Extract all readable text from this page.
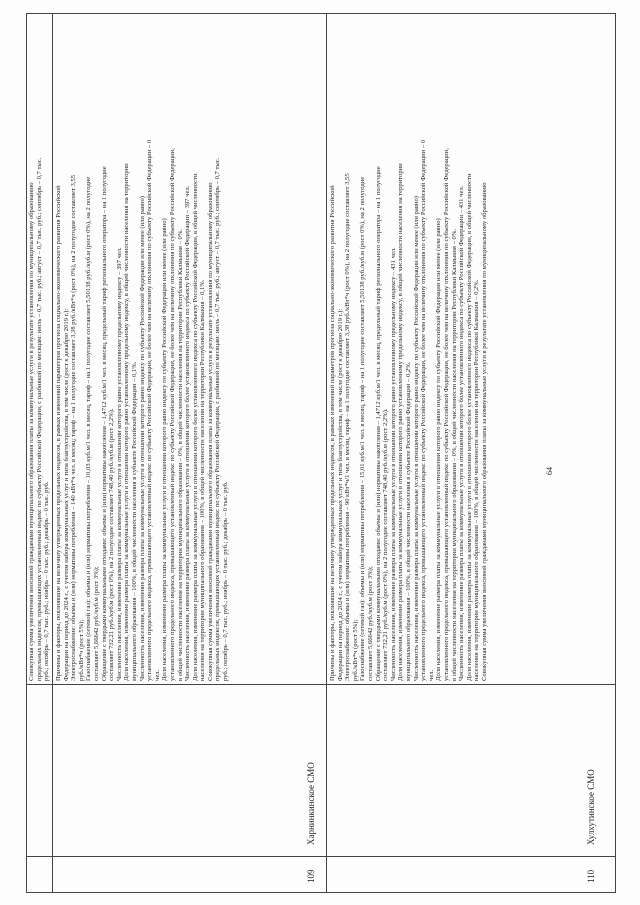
Совокупная сумма увеличения вносимой гражданами муниципального образования платы за коммунальные услуги в результате установления по муниципальному образованию предельных индексов, превышающих установленный индекс по субъекту Российской Федерации, с разбивкой по месяцам: июль – 0,7 тыс. руб.; август – 0,7 тыс. руб.; сентябрь – 0,7 тыс. руб.; октябрь – 0,7 тыс. руб.; ноябрь – 0 тыс. руб.; декабрь – 0 тыс. руб.

109
Харнинкинское СМО

Причины и факторы, повлиявшие на величину утвержденных предельных индексов, в рамках изменений параметров прогноза социально-экономического развития Российской Федерации на период до 2024 г., с учетом набора коммунальных услуг и типа благоустройства, в том числе (рост к декабрю 2019 г.): Электроснабжение: объемы и (или) нормативы потребления – 140 кВт*ч чел. в месяц; тариф – на 1 полугодие составляет 3,38 руб./кВт*ч (рост 0%), на 2 полугодие составляет 3,55 руб./кВт*ч (рост 5%); Газоснабжение (сетевой газ): объемы и (или) нормативы потребления – 10,03 куб.м/1 чел. в месяц, тариф – на 1 полугодие составляет 5,50138 руб./куб.м (рост 0%), на 2 полугодие составляет 5,66642 руб./куб.м (рост 3%); Обращение с твердыми коммунальными отходами: объемы и (или) нормативы накопления – 1,4712 куб.м/1 чел. в месяц, предельный тариф регионального оператора – на 1 полугодие составляет 732,21 руб./куб.м (рост 0%), на 2 полугодие составляет 748,40 руб./куб.м (рост 2,2%). Численность населения, изменение размера платы за коммунальные услуги в отношении которого равно установленному предельному индексу – 397 чел. Доля населения, изменение размера платы за коммунальные услуги в отношении которого равно установленному предельному индексу, в общей численности населения на территории муниципального образования – 100%, в общей численности населения в субъекте Российской Федерации – 0,1%. Численность населения, изменение размера платы за коммунальные услуги в отношении которого равно индексу по субъекту Российской Федерации или менее (или равно) установленного предельного индекса, превышающего установленный индекс по субъекту Российской Федерации, не более чем на величину отклонения по субъекту Российской Федерации – 0 чел. Доля населения, изменение размера платы за коммунальные услуги в отношении которого равно индексу по субъекту Российской Федерации или менее (или равно) установленного предельного индекса, превышающего установленный индекс по субъекту Российской Федерации, не более чем на величину отклонения по субъекту Российской Федерации, в общей численности населения на территории муниципального образования – 0%, в общей численности населения на территории Республики Калмыкия – 0%. Численность населения, изменение размера платы за коммунальные услуги в отношении которого более установленного индекса по субъекту Российской Федерации – 397 чел. Доля населения, изменение размера платы за коммунальные услуги в отношении которого более установленного индекса по субъекту Российской Федерации, в общей численности населения на территории муниципального образования – 100%, в общей численности населения на территории Республики Калмыкия – 0,1%. Совокупная сумма увеличения вносимой гражданами муниципального образования платы за коммунальные услуги в результате установления по муниципальному образованию предельных индексов, превышающих установленный индекс по субъекту Российской Федерации, с разбивкой по месяцам: июль – 0,7 тыс. руб.; август – 0,7 тыс. руб.; сентябрь – 0,7 тыс. руб.; октябрь – 0,7 тыс. руб.; ноябрь – 0 тыс. руб.; декабрь – 0 тыс. руб.

110
Хулхутинское СМО

Причины и факторы, повлиявшие на величину утвержденных предельных индексов, в рамках изменений параметров прогноза социально-экономического развития Российской Федерации на период до 2024 г., с учетом набора коммунальных услуг и типа благоустройства, в том числе (рост к декабрю 2019 г.): Электроснабжение: объемы и (или) нормативы потребления – 90 кВт*ч/1 чел. в месяц, тариф – на 1 полугодие составляет 3,38 руб./кВт*ч (рост 0%), на 2 полугодие составляет 3,55 руб./кВт*ч (рост 5%); Газоснабжение (сетевой газ): объемы и (или) нормативы потребления – 15,01 куб.м/1 чел. в месяц, тариф – на 1 полугодие составляет 5,50138 руб./куб.м (рост 0%), на 2 полугодие составляет 5,66642 руб./куб.м (рост 3%); Обращение с твердыми коммунальными отходами: объемы и (или) нормативы накопления – 1,4712 куб.м/1 чел. в месяц, предельный тариф регионального оператора – на 1 полугодие составляет 732,21 руб./куб.м (рост 0%), на 2 полугодие составляет 748,40 руб./куб.м (рост 2,2%). Численность населения, изменение размера платы за коммунальные услуги в отношении которого равно установленному предельному индексу – 431 чел. Доля населения, изменение размера платы за коммунальные услуги в отношении которого равно установленному предельному индексу, в общей численности населения на территории муниципального образования – 100%, в общей численности населения в субъекте Российской Федерации – 0,2%. Численность населения, изменение размера платы за коммунальные услуги в отношении которого равно индексу по субъекту Российской Федерации или менее (или равно) установленного предельного индекса, превышающего установленный индекс по субъекту Российской Федерации, не более чем на величину отклонения по субъекту Российской Федерации – 0 чел. Доля населения, изменение размера платы за коммунальные услуги в отношении которого равно индексу по субъекту Российской Федерации или менее (или равно) установленного предельного индекса, превышающего установленный индекс по субъекту Российской Федерации, не более чем на величину отклонения по субъекту Российской Федерации, в общей численности населения на территории муниципального образования – 0%, в общей численности населения на территории Республики Калмыкия – 0%. Численность населения, изменение размера платы за коммунальные услуги в отношении которого более установленного индекса по субъекту Российской Федерации – 431 чел. Доля населения, изменение размера платы за коммунальные услуги в отношении которого более установленного индекса по субъекту Российской Федерации, в общей численности населения на территории муниципального образования – 100%, в общей численности населения на территории Республики Калмыкия – 0,2%. Совокупная сумма увеличения вносимой гражданами муниципального образования платы за коммунальные услуги в результате установления по муниципальному образованию	64
